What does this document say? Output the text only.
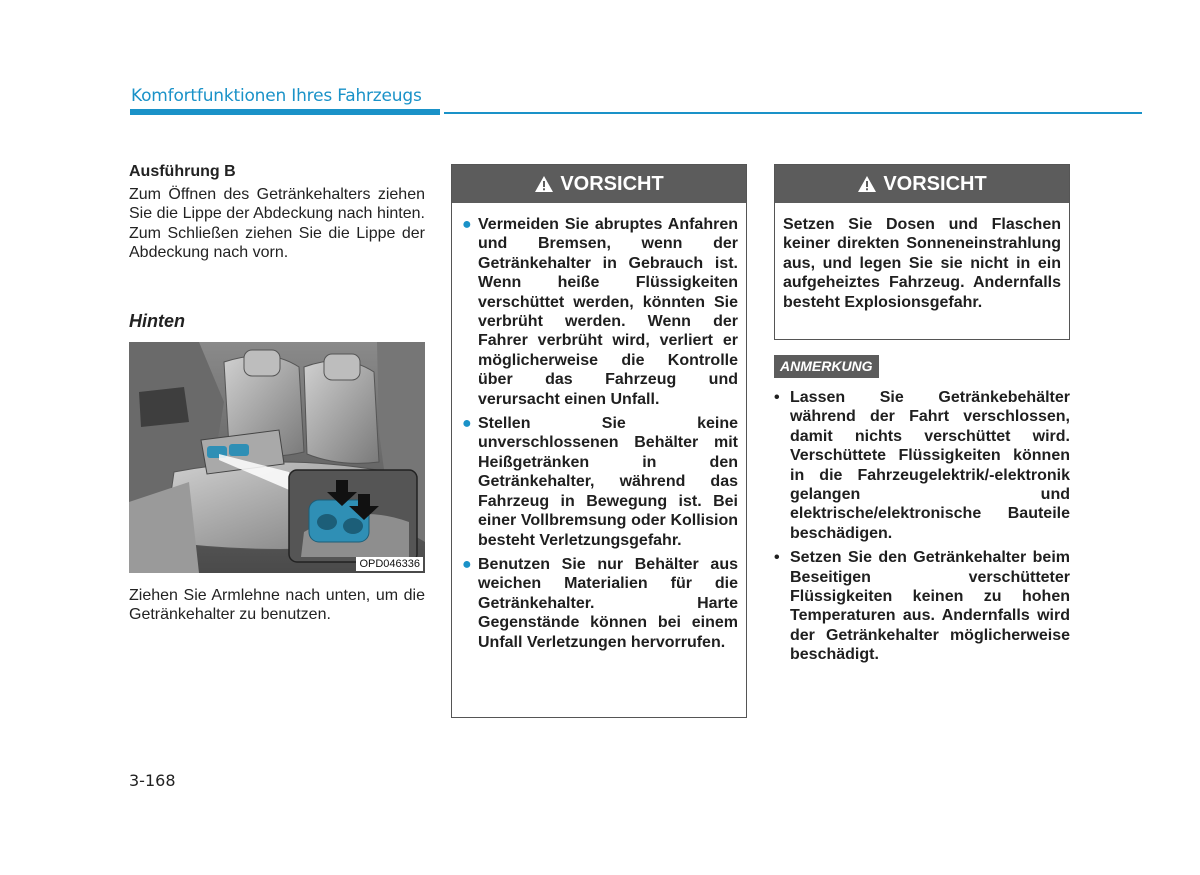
Komfortfunktionen Ihres Fahrzeugs

Ausführung B

Zum Öffnen des Getränkehalters ziehen Sie die Lippe der Abdeckung nach hinten. Zum Schließen ziehen Sie die Lippe der Abdeckung nach vorn.

Hinten

OPD046336

Ziehen Sie Armlehne nach unten, um die Getränkehalter zu benutzen.

VORSICHT
● Vermeiden Sie abruptes Anfahren und Bremsen, wenn der Getränkehalter in Gebrauch ist. Wenn heiße Flüssigkeiten verschüttet werden, könnten Sie verbrüht werden. Wenn der Fahrer verbrüht wird, verliert er möglicherweise die Kontrolle über das Fahrzeug und verursacht einen Unfall.
● Stellen Sie keine unverschlossenen Behälter mit Heißgetränken in den Getränkehalter, während das Fahrzeug in Bewegung ist. Bei einer Vollbremsung oder Kollision besteht Verletzungsgefahr.
● Benutzen Sie nur Behälter aus weichen Materialien für die Getränkehalter. Harte Gegenstände können bei einem Unfall Verletzungen hervorrufen.
VORSICHT

Setzen Sie Dosen und Flaschen keiner direkten Sonneneinstrahlung aus, und legen Sie sie nicht in ein aufgeheiztes Fahrzeug. Andernfalls besteht Explosionsgefahr.

ANMERKUNG
• Lassen Sie Getränkebehälter während der Fahrt verschlossen, damit nichts verschüttet wird. Verschüttete Flüssigkeiten können in die Fahrzeugelektrik/-elektronik gelangen und elektrische/elektronische Bauteile beschädigen.
• Setzen Sie den Getränkehalter beim Beseitigen verschütteter Flüssigkeiten keinen zu hohen Temperaturen aus. Andernfalls wird der Getränkehalter möglicherweise beschädigt.
3-168
